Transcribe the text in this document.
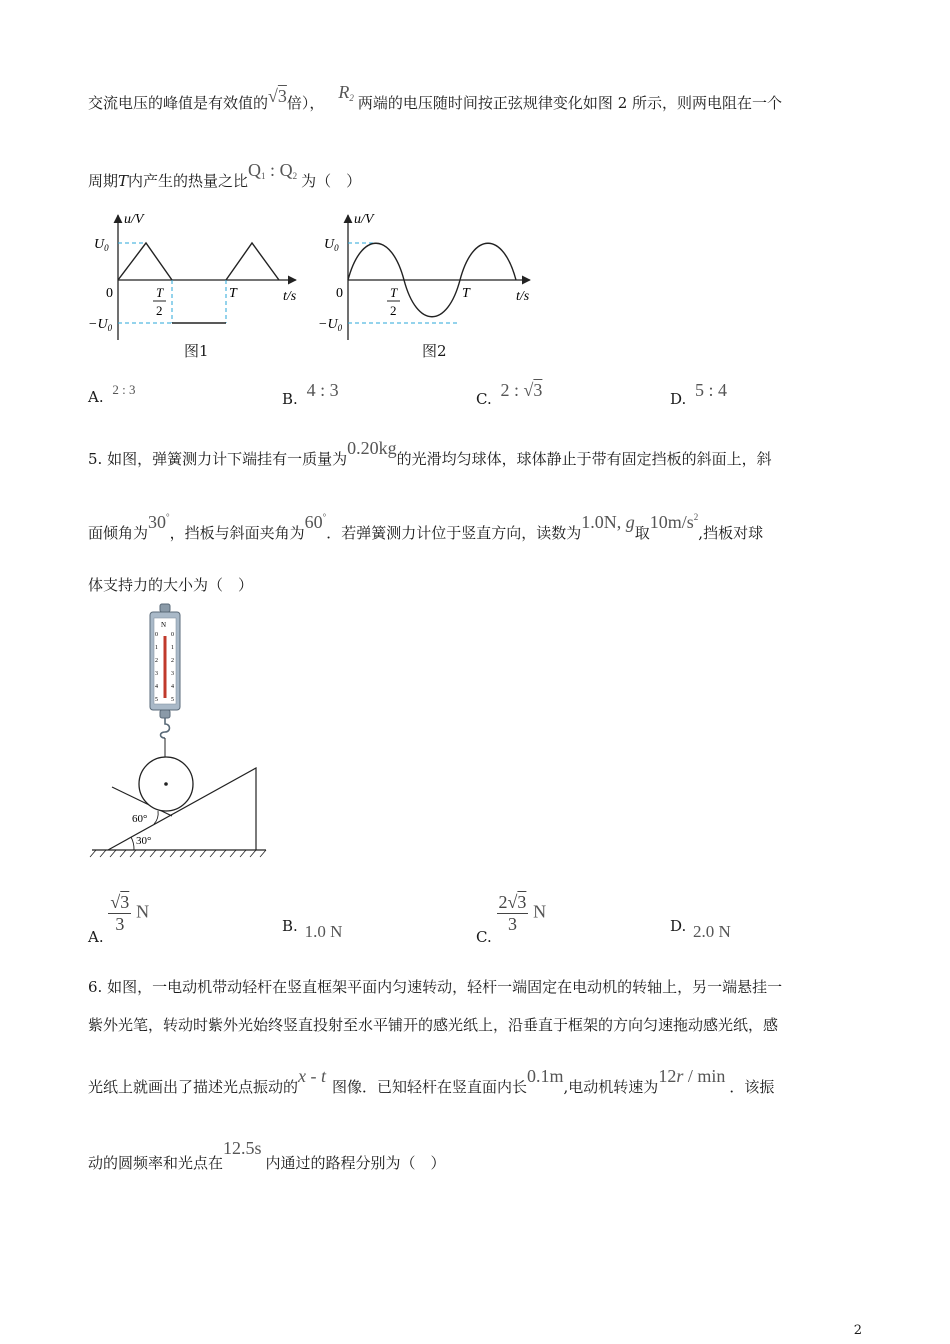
交流电压的峰值是有效值的√3倍），$R_2$ 两端的电压随时间按正弦规律变化如图 2 所示，则两电阻在一个
周期T内产生的热量之比$Q_1$ : $Q_2$ 为（　）
u/V
$U_0$
$-U_0$
0	T
2
T	t/s
图1
u/V
$U_0$
$-U_0$
0	T
2
T	t/s
图2
A. 2 : 3
B. 4 : 3	C. 2 : √3	D. 5 : 4
5. 如图，弹簧测力计下端挂有一质量为0.20kg的光滑均匀球体，球体静止于带有固定挡板的斜面上，斜
面倾角为30°，挡板与斜面夹角为60°．若弹簧测力计位于竖直方向，读数为1.0N, g取$10m/s^2$,挡板对球
体支持力的大小为（　）
N
0
1
2
3
4
5
0
1
2
3
4
5
60°
30°
A.
$\frac{√3}{3}$ N
B. 1.0 N	C.
$\frac{2√3}{3}$ N
D. 2.0 N
6. 如图，一电动机带动轻杆在竖直框架平面内匀速转动，轻杆一端固定在电动机的转轴上，另一端悬挂一
紫外光笔，转动时紫外光始终竖直投射至水平铺开的感光纸上，沿垂直于框架的方向匀速拖动感光纸，感
光纸上就画出了描述光点振动的x - t图像．已知轻杆在竖直面内长0.1m,电动机转速为12r / min．该振
动的圆频率和光点在12.5s内通过的路程分别为（　）
2
